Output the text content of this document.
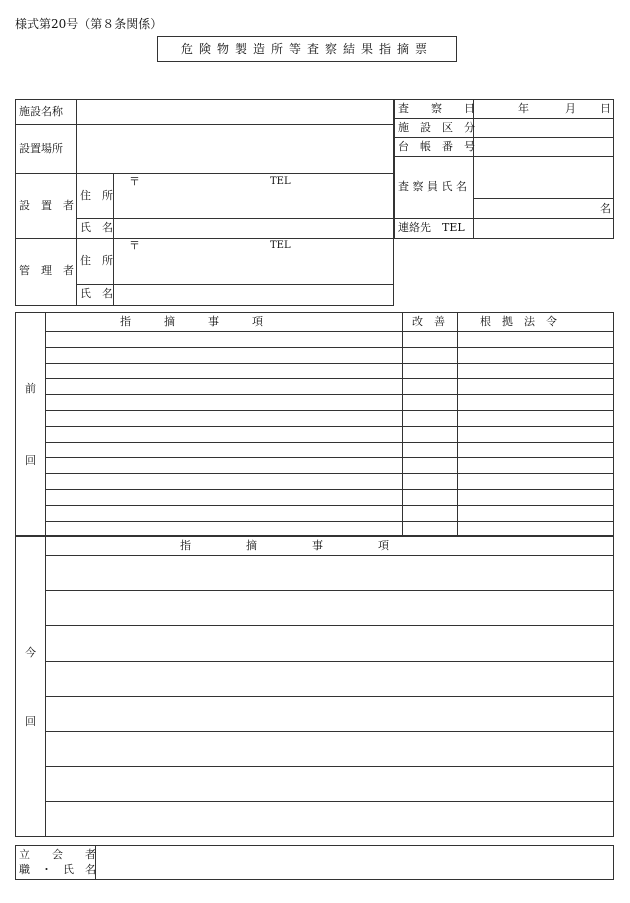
様式第20号（第８条関係）
危険物製造所等査察結果指摘票
施設名称
設置場所
設　置　者
住　所
〒	TEL
氏　名
管　理　者
住　所
〒	TEL
氏　名
査　　察　　日	年	月 日
施　設　区　分
台　帳　番　号
査 察 員 氏 名
名
連絡先　TEL
指　　　摘　　　事　　　項	改　善	根　拠　法　令
前
回
指　　　　　摘　　　　　事　　　　　項
今
回
立　　会　　者
職　・　氏　名
